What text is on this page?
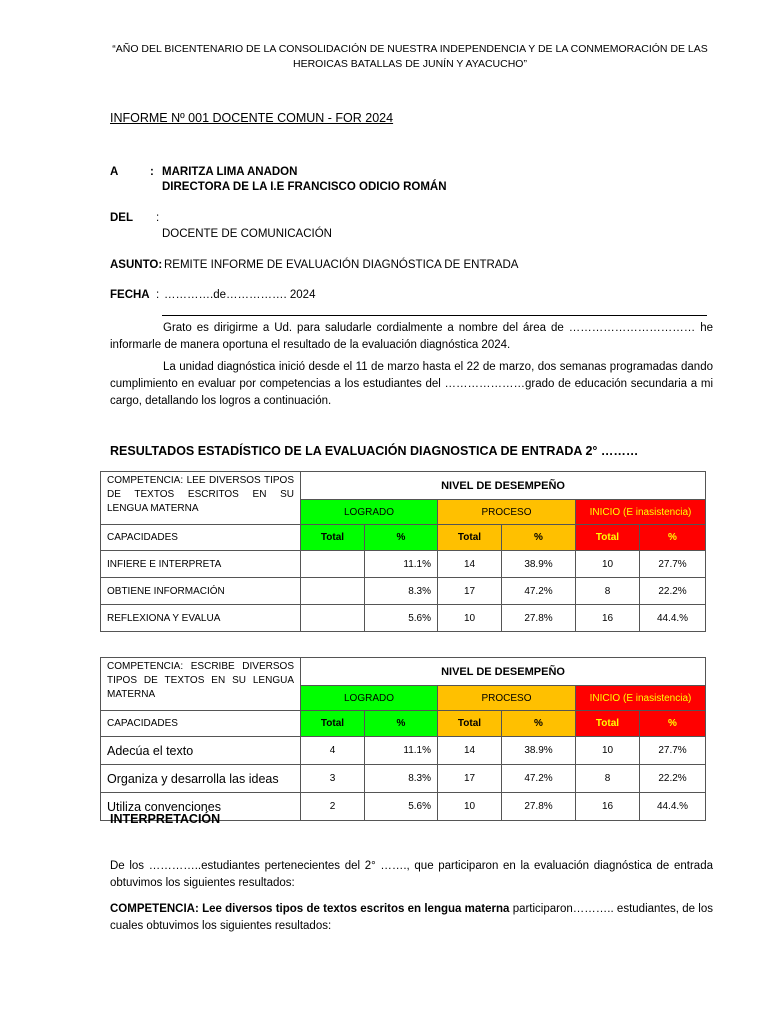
“AÑO DEL BICENTENARIO DE LA CONSOLIDACIÓN DE NUESTRA INDEPENDENCIA Y DE LA CONMEMORACIÓN DE LAS HEROICAS BATALLAS DE JUNÍN Y AYACUCHO”
INFORME Nº 001 DOCENTE COMUN - FOR 2024
A	: MARITZA LIMA ANADON
DIRECTORA DE LA I.E FRANCISCO ODICIO ROMÁN
DEL :
DOCENTE DE COMUNICACIÓN
ASUNTO: REMITE INFORME DE EVALUACIÓN DIAGNÓSTICA DE ENTRADA
FECHA : ………….de……………. 2024
Grato es dirigirme a Ud. para saludarle cordialmente a nombre del área de …………………………… he informarle de manera oportuna el resultado de la evaluación diagnóstica 2024.
La unidad diagnóstica inició desde el 11 de marzo hasta el 22 de marzo, dos semanas programadas dando cumplimiento en evaluar por competencias a los estudiantes del …………………grado de educación secundaria a mi cargo, detallando los logros a continuación.
RESULTADOS ESTADÍSTICO DE LA EVALUACIÓN DIAGNOSTICA DE ENTRADA 2° ………
COMPETENCIA: LEE DIVERSOS TIPOS DE TEXTOS ESCRITOS EN SU LENGUA MATERNA	NIVEL DE DESEMPEÑO					
	LOGRADO		PROCESO		INICIO (E inasistencia)	
CAPACIDADES	Total	%	Total	%	Total	%
INFIERE E INTERPRETA		11.1%	14	38.9%	10	27.7%
OBTIENE INFORMACIÓN		8.3%	17	47.2%	8	22.2%
REFLEXIONA Y EVALUA		5.6%	10	27.8%	16	44.4.%
COMPETENCIA: ESCRIBE DIVERSOS TIPOS DE TEXTOS EN SU LENGUA MATERNA	NIVEL DE DESEMPEÑO					
	LOGRADO		PROCESO		INICIO (E inasistencia)	
CAPACIDADES	Total	%	Total	%	Total	%
Adecúa el texto	4	11.1%	14	38.9%	10	27.7%
Organiza y desarrolla las ideas	3	8.3%	17	47.2%	8	22.2%
Utiliza convenciones	2	5.6%	10	27.8%	16	44.4.%
INTERPRETACIÓN
De los …………..estudiantes pertenecientes del 2° ……., que participaron en la evaluación diagnóstica de entrada obtuvimos los siguientes resultados:
COMPETENCIA: Lee diversos tipos de textos escritos en lengua materna participaron……….. estudiantes, de los cuales obtuvimos los siguientes resultados:
